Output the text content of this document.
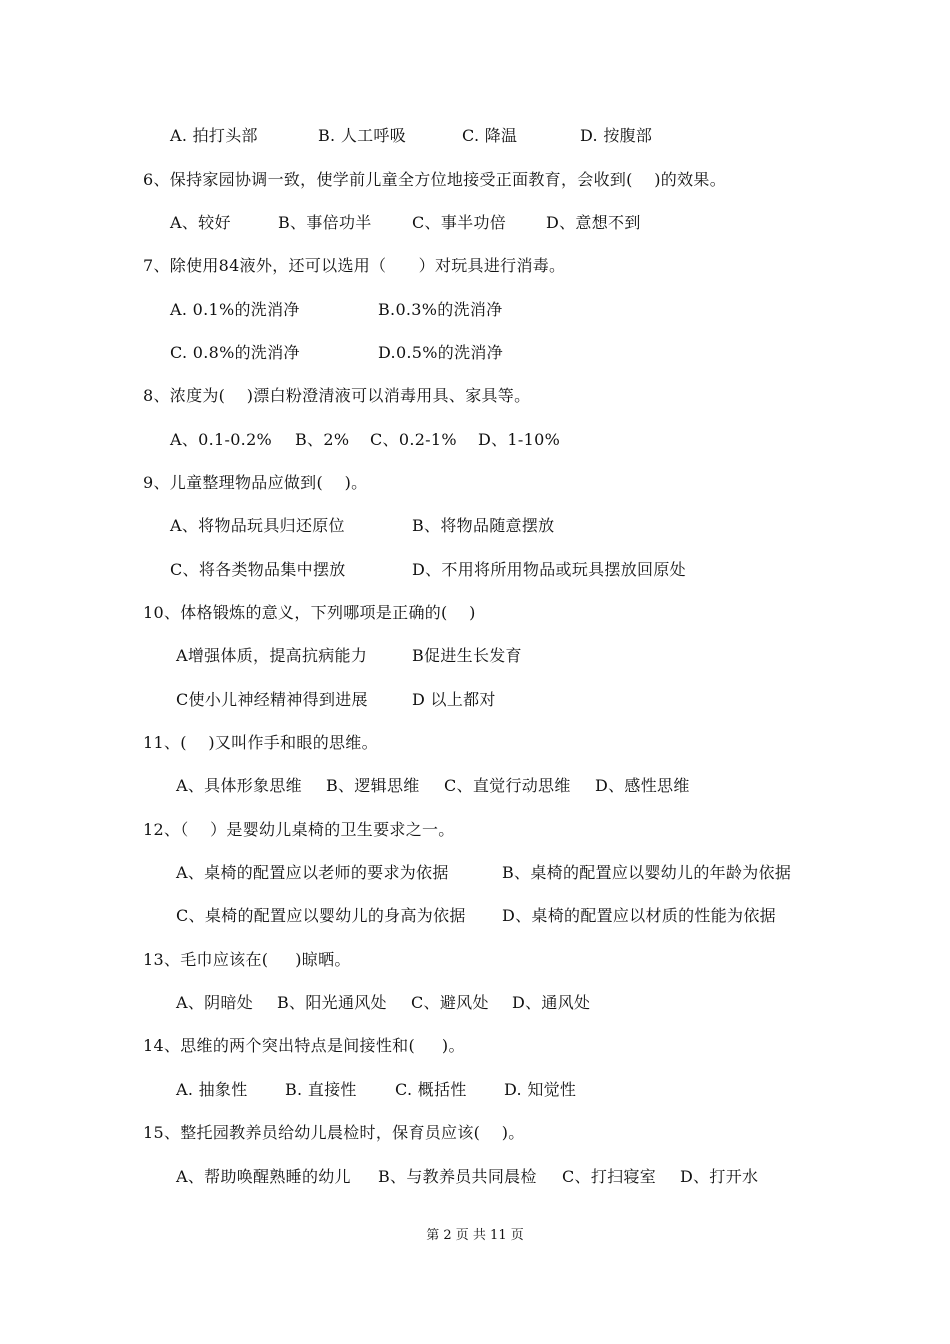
A. 拍打头部	B. 人工呼吸	C. 降温	D. 按腹部
6、保持家园协调一致，使学前儿童全方位地接受正面教育，会收到(    )的效果。
A、较好	B、事倍功半	C、事半功倍 D、意想不到
7、除使用84液外，还可以选用（      ）对玩具进行消毒。
A. 0.1%的洗消净	B.0.3%的洗消净
C. 0.8%的洗消净	D.0.5%的洗消净
8、浓度为(    )漂白粉澄清液可以消毒用具、家具等。
A、0.1-0.2% B、2% C、0.2-1% D、1-10%
9、儿童整理物品应做到(    )。
A、将物品玩具归还原位	B、将物品随意摆放
C、将各类物品集中摆放	D、不用将所用物品或玩具摆放回原处
10、体格锻炼的意义，下列哪项是正确的(    )
A增强体质，提高抗病能力	B促进生长发育
C使小儿神经精神得到进展	D 以上都对
11、(    )又叫作手和眼的思维。
A、具体形象思维 B、逻辑思维 C、直觉行动思维 D、感性思维
12、（    ）是婴幼儿桌椅的卫生要求之一。
A、桌椅的配置应以老师的要求为依据	B、桌椅的配置应以婴幼儿的年龄为依据
C、桌椅的配置应以婴幼儿的身高为依据 D、桌椅的配置应以材质的性能为依据
13、毛巾应该在(     )晾晒。
A、阴暗处 B、阳光通风处 C、避风处 D、通风处
14、思维的两个突出特点是间接性和(     )。
A. 抽象性 B. 直接性 C. 概括性 D. 知觉性
15、整托园教养员给幼儿晨检时，保育员应该(    )。
A、帮助唤醒熟睡的幼儿 B、与教养员共同晨检 C、打扫寝室 D、打开水
第 2 页 共 11 页
